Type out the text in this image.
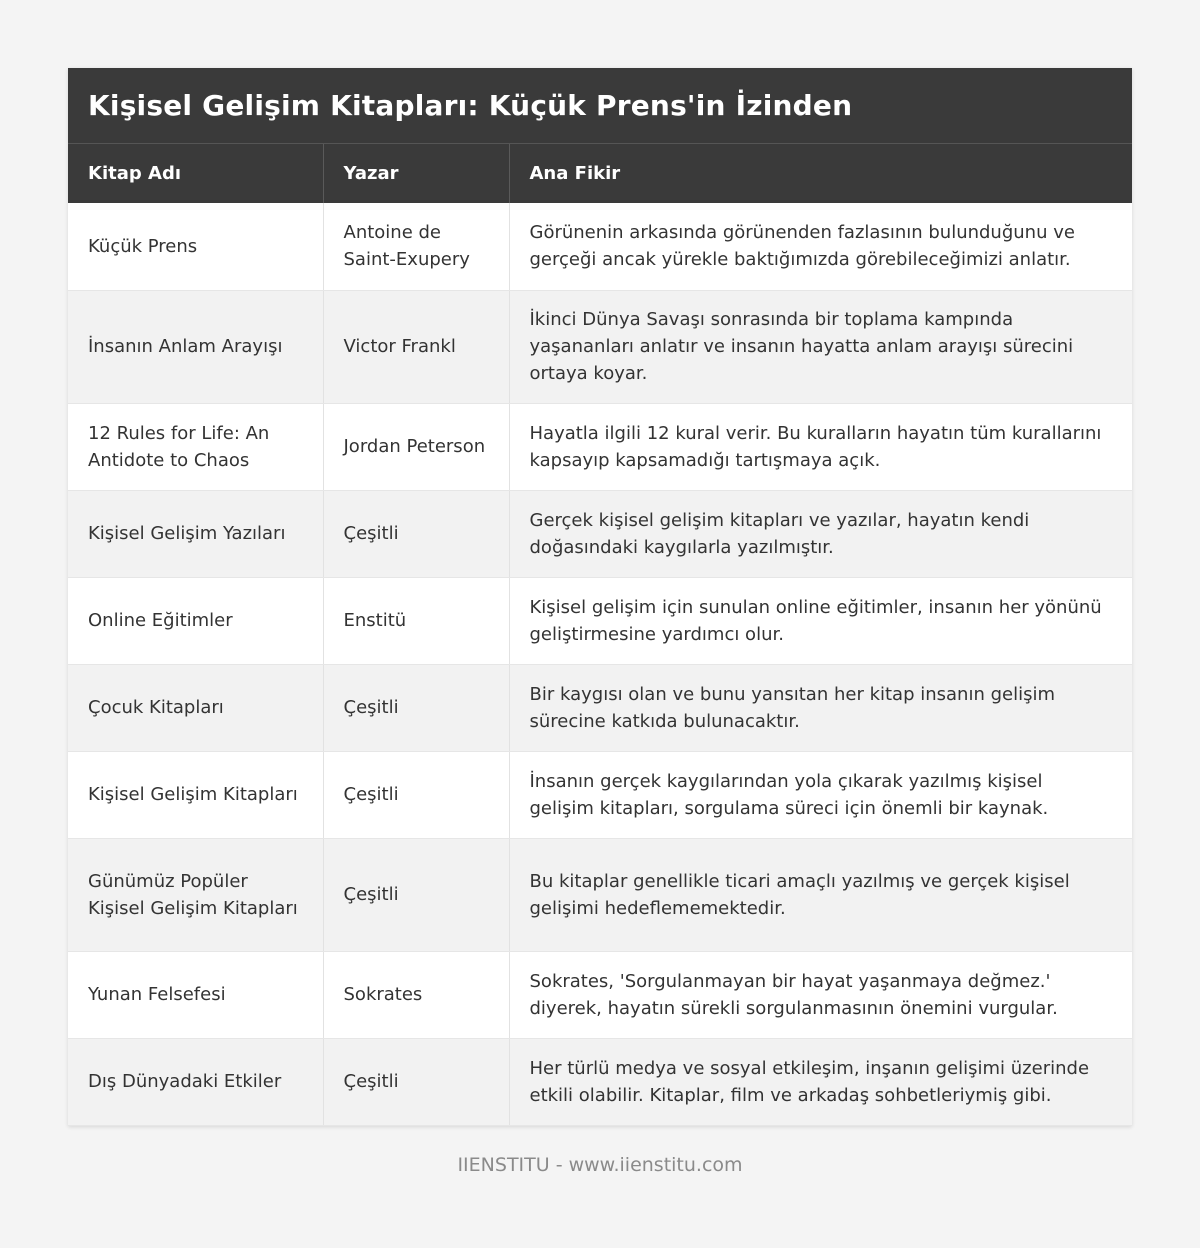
Kişisel Gelişim Kitapları: Küçük Prens'in İzinden
Kitap Adı	Yazar	Ana Fikir
Küçük Prens	Antoine de Saint-Exupery	Görünenin arkasında görünenden fazlasının bulunduğunu ve gerçeği ancak yürekle baktığımızda görebileceğimizi anlatır.
İnsanın Anlam Arayışı	Victor Frankl	İkinci Dünya Savaşı sonrasında bir toplama kampında yaşananları anlatır ve insanın hayatta anlam arayışı sürecini ortaya koyar.
12 Rules for Life: An Antidote to Chaos	Jordan Peterson	Hayatla ilgili 12 kural verir. Bu kuralların hayatın tüm kurallarını kapsayıp kapsamadığı tartışmaya açık.
Kişisel Gelişim Yazıları	Çeşitli	Gerçek kişisel gelişim kitapları ve yazılar, hayatın kendi doğasındaki kaygılarla yazılmıştır.
Online Eğitimler	Enstitü	Kişisel gelişim için sunulan online eğitimler, insanın her yönünü geliştirmesine yardımcı olur.
Çocuk Kitapları	Çeşitli	Bir kaygısı olan ve bunu yansıtan her kitap insanın gelişim sürecine katkıda bulunacaktır.
Kişisel Gelişim Kitapları	Çeşitli	İnsanın gerçek kaygılarından yola çıkarak yazılmış kişisel gelişim kitapları, sorgulama süreci için önemli bir kaynak.
Günümüz Popüler Kişisel Gelişim Kitapları	Çeşitli	Bu kitaplar genellikle ticari amaçlı yazılmış ve gerçek kişisel gelişimi hedeflememektedir.
Yunan Felsefesi	Sokrates	Sokrates, 'Sorgulanmayan bir hayat yaşanmaya değmez.' diyerek, hayatın sürekli sorgulanmasının önemini vurgular.
Dış Dünyadaki Etkiler	Çeşitli	Her türlü medya ve sosyal etkileşim, inşanın gelişimi üzerinde etkili olabilir. Kitaplar, film ve arkadaş sohbetleriymiş gibi.
IIENSTITU - www.iienstitu.com
